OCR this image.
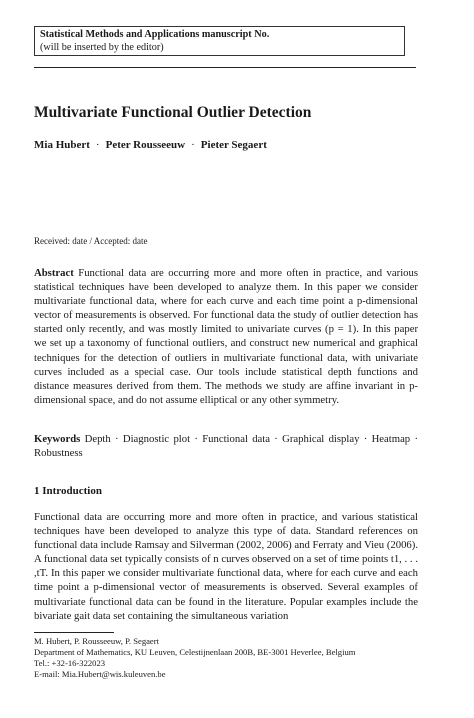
Statistical Methods and Applications manuscript No.
(will be inserted by the editor)
Multivariate Functional Outlier Detection
Mia Hubert · Peter Rousseeuw · Pieter Segaert
Received: date / Accepted: date
Abstract Functional data are occurring more and more often in practice, and various statistical techniques have been developed to analyze them. In this paper we consider multivariate functional data, where for each curve and each time point a p-dimensional vector of measurements is observed. For functional data the study of outlier detection has started only recently, and was mostly limited to univariate curves (p = 1). In this paper we set up a taxonomy of functional outliers, and construct new numerical and graphical techniques for the detection of outliers in multivariate functional data, with univariate curves included as a special case. Our tools include statistical depth functions and distance measures derived from them. The methods we study are affine invariant in p-dimensional space, and do not assume elliptical or any other symmetry.
Keywords Depth · Diagnostic plot · Functional data · Graphical display · Heatmap · Robustness
1 Introduction
Functional data are occurring more and more often in practice, and various statistical techniques have been developed to analyze this type of data. Standard references on functional data include Ramsay and Silverman (2002, 2006) and Ferraty and Vieu (2006). A functional data set typically consists of n curves observed on a set of time points t1, . . . ,tT. In this paper we consider multivariate functional data, where for each curve and each time point a p-dimensional vector of measurements is observed. Several examples of multivariate functional data can be found in the literature. Popular examples include the bivariate gait data set containing the simultaneous variation
M. Hubert, P. Rousseeuw, P. Segaert
Department of Mathematics, KU Leuven, Celestijnenlaan 200B, BE-3001 Heverlee, Belgium
Tel.: +32-16-322023
E-mail: Mia.Hubert@wis.kuleuven.be
